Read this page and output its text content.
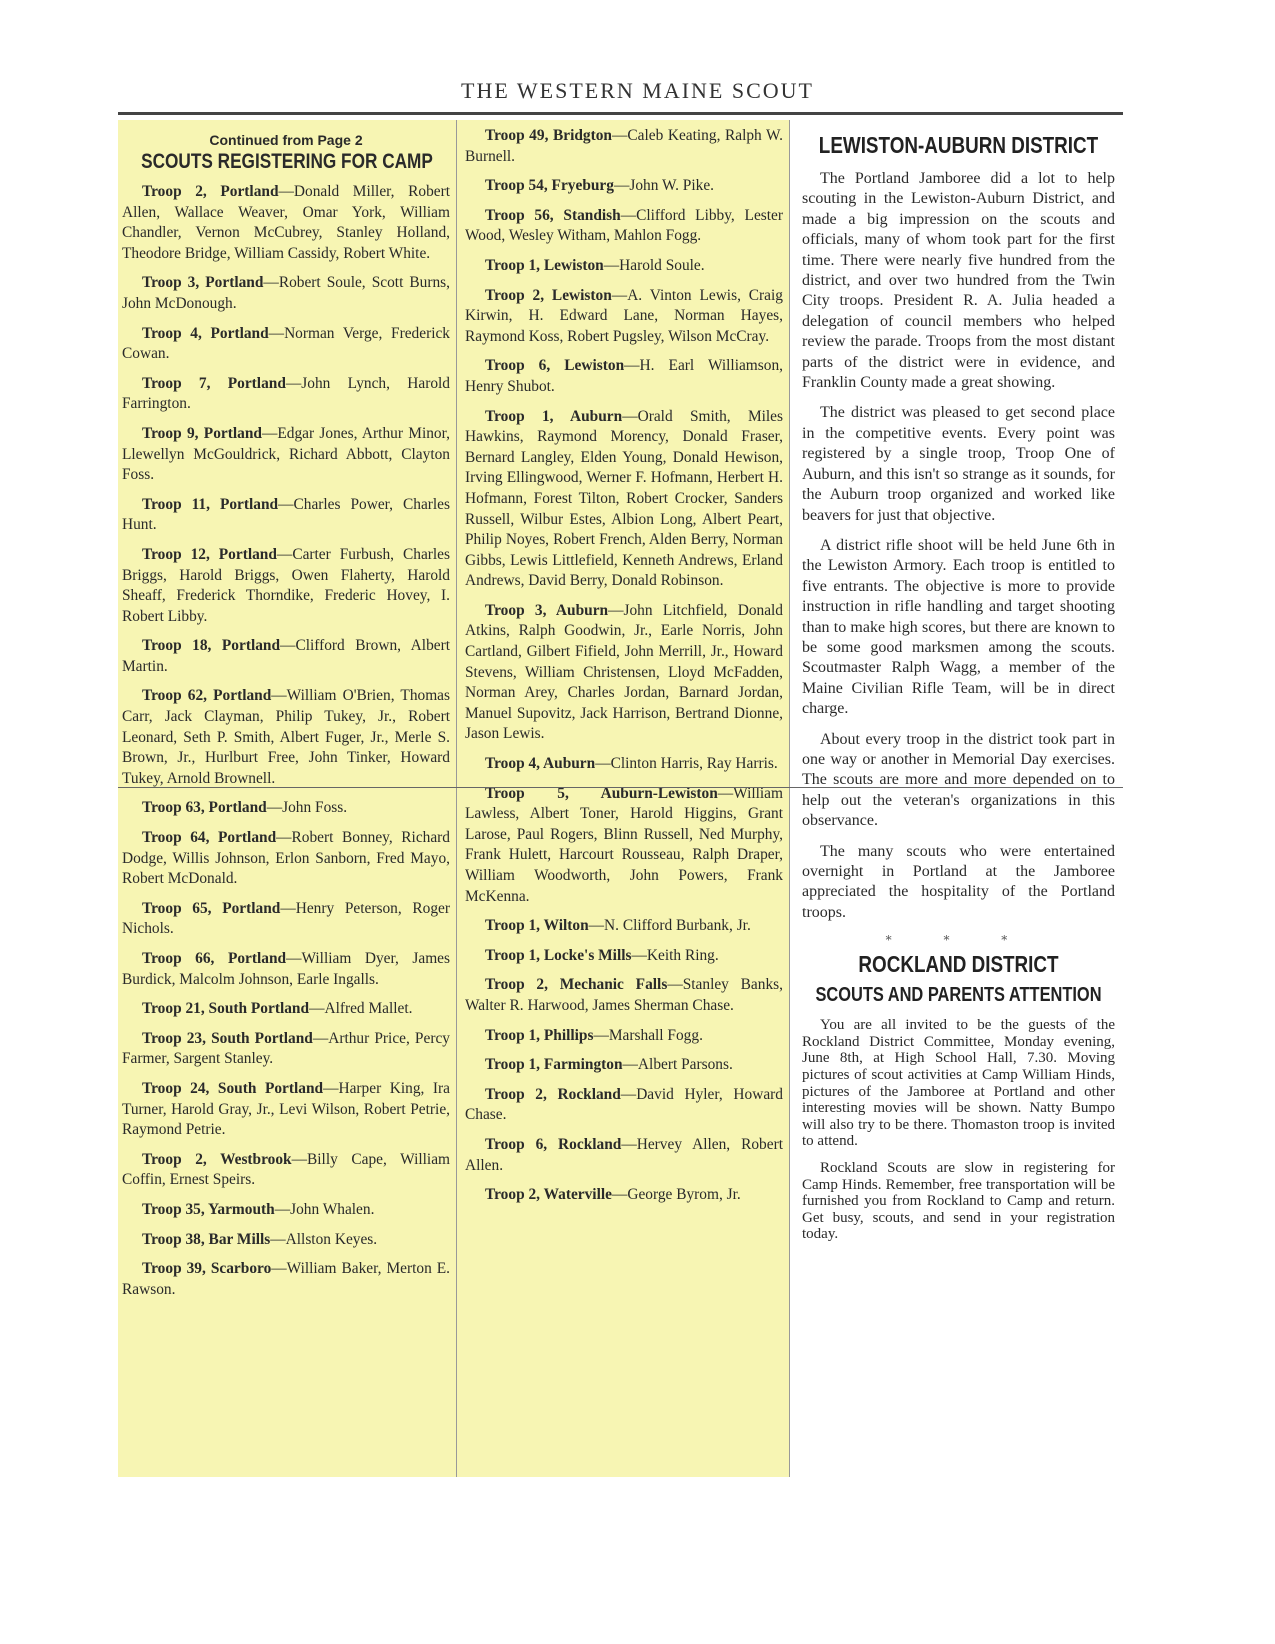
THE WESTERN MAINE SCOUT
Continued from Page 2
SCOUTS REGISTERING FOR CAMP

Troop 2, Portland—Donald Miller, Robert Allen, Wallace Weaver, Omar York, William Chandler, Vernon McCubrey, Stanley Holland, Theodore Bridge, William Cassidy, Robert White.

Troop 3, Portland—Robert Soule, Scott Burns, John McDonough.

Troop 4, Portland—Norman Verge, Frederick Cowan.

Troop 7, Portland—John Lynch, Harold Farrington.

Troop 9, Portland—Edgar Jones, Arthur Minor, Llewellyn McGouldrick, Richard Abbott, Clayton Foss.

Troop 11, Portland—Charles Power, Charles Hunt.

Troop 12, Portland—Carter Furbush, Charles Briggs, Harold Briggs, Owen Flaherty, Harold Sheaff, Frederick Thorndike, Frederic Hovey, I. Robert Libby.

Troop 18, Portland—Clifford Brown, Albert Martin.

Troop 62, Portland—William O'Brien, Thomas Carr, Jack Clayman, Philip Tukey, Jr., Robert Leonard, Seth P. Smith, Albert Fuger, Jr., Merle S. Brown, Jr., Hurlburt Free, John Tinker, Howard Tukey, Arnold Brownell.

Troop 63, Portland—John Foss.

Troop 64, Portland—Robert Bonney, Richard Dodge, Willis Johnson, Erlon Sanborn, Fred Mayo, Robert McDonald.

Troop 65, Portland—Henry Peterson, Roger Nichols.

Troop 66, Portland—William Dyer, James Burdick, Malcolm Johnson, Earle Ingalls.

Troop 21, South Portland—Alfred Mallet.

Troop 23, South Portland—Arthur Price, Percy Farmer, Sargent Stanley.

Troop 24, South Portland—Harper King, Ira Turner, Harold Gray, Jr., Levi Wilson, Robert Petrie, Raymond Petrie.

Troop 2, Westbrook—Billy Cape, William Coffin, Ernest Speirs.

Troop 35, Yarmouth—John Whalen.

Troop 38, Bar Mills—Allston Keyes.

Troop 39, Scarboro—William Baker, Merton E. Rawson.

Troop 49, Bridgton—Caleb Keating, Ralph W. Burnell.

Troop 54, Fryeburg—John W. Pike.

Troop 56, Standish—Clifford Libby, Lester Wood, Wesley Witham, Mahlon Fogg.

Troop 1, Lewiston—Harold Soule.

Troop 2, Lewiston—A. Vinton Lewis, Craig Kirwin, H. Edward Lane, Norman Hayes, Raymond Koss, Robert Pugsley, Wilson McCray.

Troop 6, Lewiston—H. Earl Williamson, Henry Shubot.

Troop 1, Auburn—Orald Smith, Miles Hawkins, Raymond Morency, Donald Fraser, Bernard Langley, Elden Young, Donald Hewison, Irving Ellingwood, Werner F. Hofmann, Herbert H. Hofmann, Forest Tilton, Robert Crocker, Sanders Russell, Wilbur Estes, Albion Long, Albert Peart, Philip Noyes, Robert French, Alden Berry, Norman Gibbs, Lewis Littlefield, Kenneth Andrews, Erland Andrews, David Berry, Donald Robinson.

Troop 3, Auburn—John Litchfield, Donald Atkins, Ralph Goodwin, Jr., Earle Norris, John Cartland, Gilbert Fifield, John Merrill, Jr., Howard Stevens, William Christensen, Lloyd McFadden, Norman Arey, Charles Jordan, Barnard Jordan, Manuel Supovitz, Jack Harrison, Bertrand Dionne, Jason Lewis.

Troop 4, Auburn—Clinton Harris, Ray Harris.

Troop 5, Auburn-Lewiston—William Lawless, Albert Toner, Harold Higgins, Grant Larose, Paul Rogers, Blinn Russell, Ned Murphy, Frank Hulett, Harcourt Rousseau, Ralph Draper, William Woodworth, John Powers, Frank McKenna.

Troop 1, Wilton—N. Clifford Burbank, Jr.

Troop 1, Locke's Mills—Keith Ring.

Troop 2, Mechanic Falls—Stanley Banks, Walter R. Harwood, James Sherman Chase.

Troop 1, Phillips—Marshall Fogg.

Troop 1, Farmington—Albert Parsons.

Troop 2, Rockland—David Hyler, Howard Chase.

Troop 6, Rockland—Hervey Allen, Robert Allen.

Troop 2, Waterville—George Byrom, Jr.

LEWISTON-AUBURN DISTRICT

The Portland Jamboree did a lot to help scouting in the Lewiston-Auburn District, and made a big impression on the scouts and officials, many of whom took part for the first time. There were nearly five hundred from the district, and over two hundred from the Twin City troops. President R. A. Julia headed a delegation of council members who helped review the parade. Troops from the most distant parts of the district were in evidence, and Franklin County made a great showing.

The district was pleased to get second place in the competitive events. Every point was registered by a single troop, Troop One of Auburn, and this isn't so strange as it sounds, for the Auburn troop organized and worked like beavers for just that objective.

A district rifle shoot will be held June 6th in the Lewiston Armory. Each troop is entitled to five entrants. The objective is more to provide instruction in rifle handling and target shooting than to make high scores, but there are known to be some good marksmen among the scouts. Scoutmaster Ralph Wagg, a member of the Maine Civilian Rifle Team, will be in direct charge.

About every troop in the district took part in one way or another in Memorial Day exercises. The scouts are more and more depended on to help out the veteran's organizations in this observance.

The many scouts who were entertained overnight in Portland at the Jamboree appreciated the hospitality of the Portland troops.

* * *
ROCKLAND DISTRICT
SCOUTS AND PARENTS ATTENTION

You are all invited to be the guests of the Rockland District Committee, Monday evening, June 8th, at High School Hall, 7.30. Moving pictures of scout activities at Camp William Hinds, pictures of the Jamboree at Portland and other interesting movies will be shown. Natty Bumpo will also try to be there. Thomaston troop is invited to attend.

Rockland Scouts are slow in registering for Camp Hinds. Remember, free transportation will be furnished you from Rockland to Camp and return. Get busy, scouts, and send in your registration today.
